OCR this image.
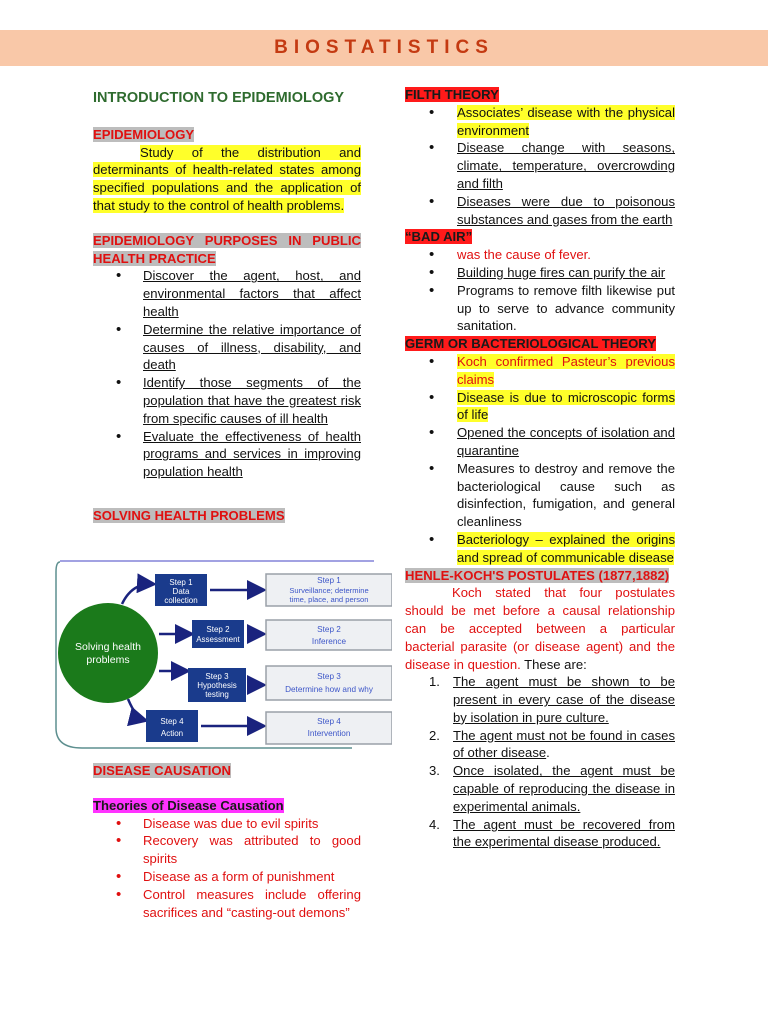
BIOSTATISTICS
INTRODUCTION TO EPIDEMIOLOGY
EPIDEMIOLOGY
Study of the distribution and determinants of health-related states among specified populations and the application of that study to the control of health problems.
EPIDEMIOLOGY PURPOSES IN PUBLIC HEALTH PRACTICE
• Discover the agent, host, and environmental factors that affect health
• Determine the relative importance of causes of illness, disability, and death
• Identify those segments of the population that have the greatest risk from specific causes of ill health
• Evaluate the effectiveness of health programs and services in improving population health
SOLVING HEALTH PROBLEMS
Solving health
problems
Step 1
Data
collection
Step 2
Assessment
Step 3
Hypothesis
testing
Step 4
Action
Step 1
Surveillance; determine
time, place, and person
Step 2
Inference
Step 3
Determine how and why
Step 4
Intervention
DISEASE CAUSATION
Theories of Disease Causation
• Disease was due to evil spirits
• Recovery was attributed to good spirits
• Disease as a form of punishment
• Control measures include offering sacrifices and “casting-out demons”
FILTH THEORY
• Associates’ disease with the physical environment
• Disease change with seasons, climate, temperature, overcrowding and filth
• Diseases were due to poisonous substances and gases from the earth
“BAD AIR”
• was the cause of fever.
• Building huge fires can purify the air
• Programs to remove filth likewise put up to serve to advance community sanitation.
GERM OR BACTERIOLOGICAL THEORY
• Koch confirmed Pasteur’s previous claims
• Disease is due to microscopic forms of life
• Opened the concepts of isolation and quarantine
• Measures to destroy and remove the bacteriological cause such as disinfection, fumigation, and general cleanliness
• Bacteriology – explained the origins and spread of communicable disease
HENLE-KOCH'S POSTULATES (1877,1882)
Koch stated that four postulates should be met before a causal relationship can be accepted between a particular bacterial parasite (or disease agent) and the disease in question. These are:
1. The agent must be shown to be present in every case of the disease by isolation in pure culture.
2. The agent must not be found in cases of other disease.
3. Once isolated, the agent must be capable of reproducing the disease in experimental animals.
4. The agent must be recovered from the experimental disease produced.
